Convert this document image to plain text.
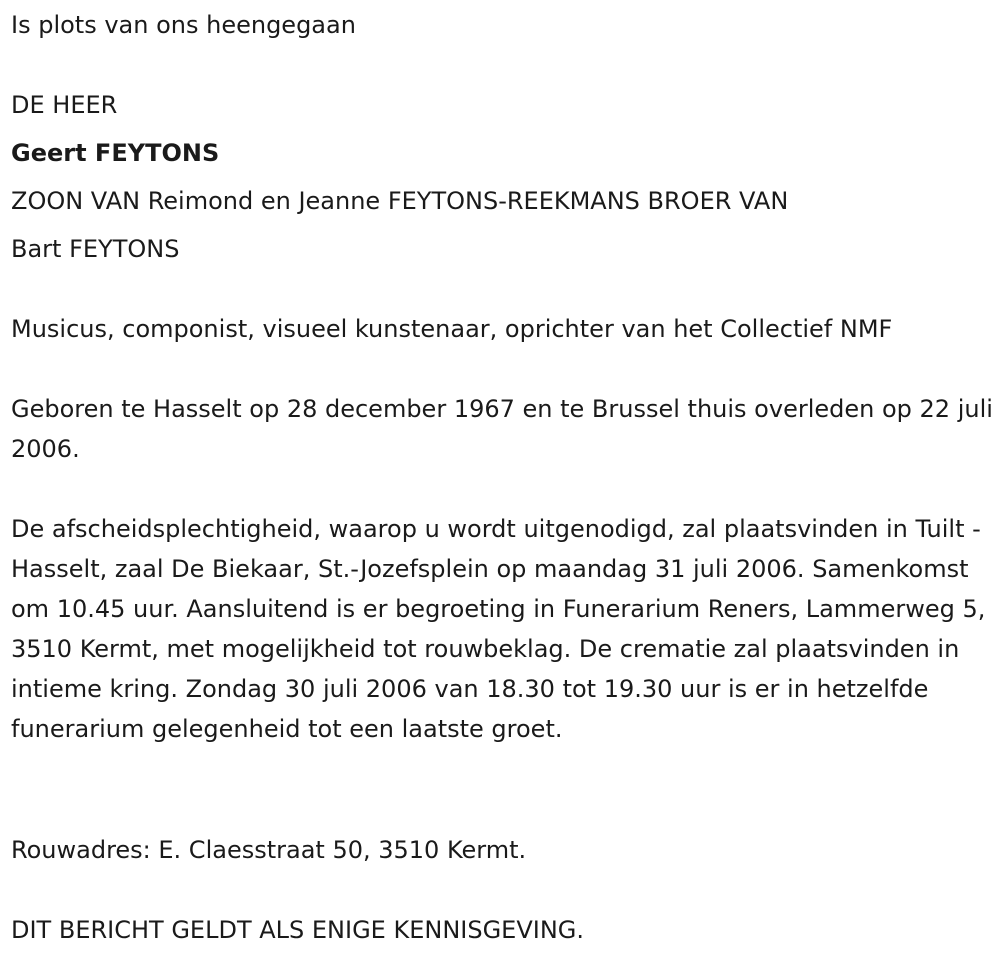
Is plots van ons heengegaan
DE HEER
Geert FEYTONS
ZOON VAN Reimond en Jeanne FEYTONS-REEKMANS BROER VAN
Bart FEYTONS
Musicus, componist, visueel kunstenaar, oprichter van het Collectief NMF
Geboren te Hasselt op 28 december 1967 en te Brussel thuis overleden op 22 juli 2006.
De afscheidsplechtigheid, waarop u wordt uitgenodigd, zal plaatsvinden in Tuilt - Hasselt, zaal De Biekaar, St.-Jozefsplein op maandag 31 juli 2006. Samenkomst om 10.45 uur. Aansluitend is er begroeting in Funerarium Reners, Lammerweg 5, 3510 Kermt, met mogelijkheid tot rouwbeklag. De crematie zal plaatsvinden in intieme kring. Zondag 30 juli 2006 van 18.30 tot 19.30 uur is er in hetzelfde funerarium gelegenheid tot een laatste groet.
Rouwadres: E. Claesstraat 50, 3510 Kermt.
DIT BERICHT GELDT ALS ENIGE KENNISGEVING.
